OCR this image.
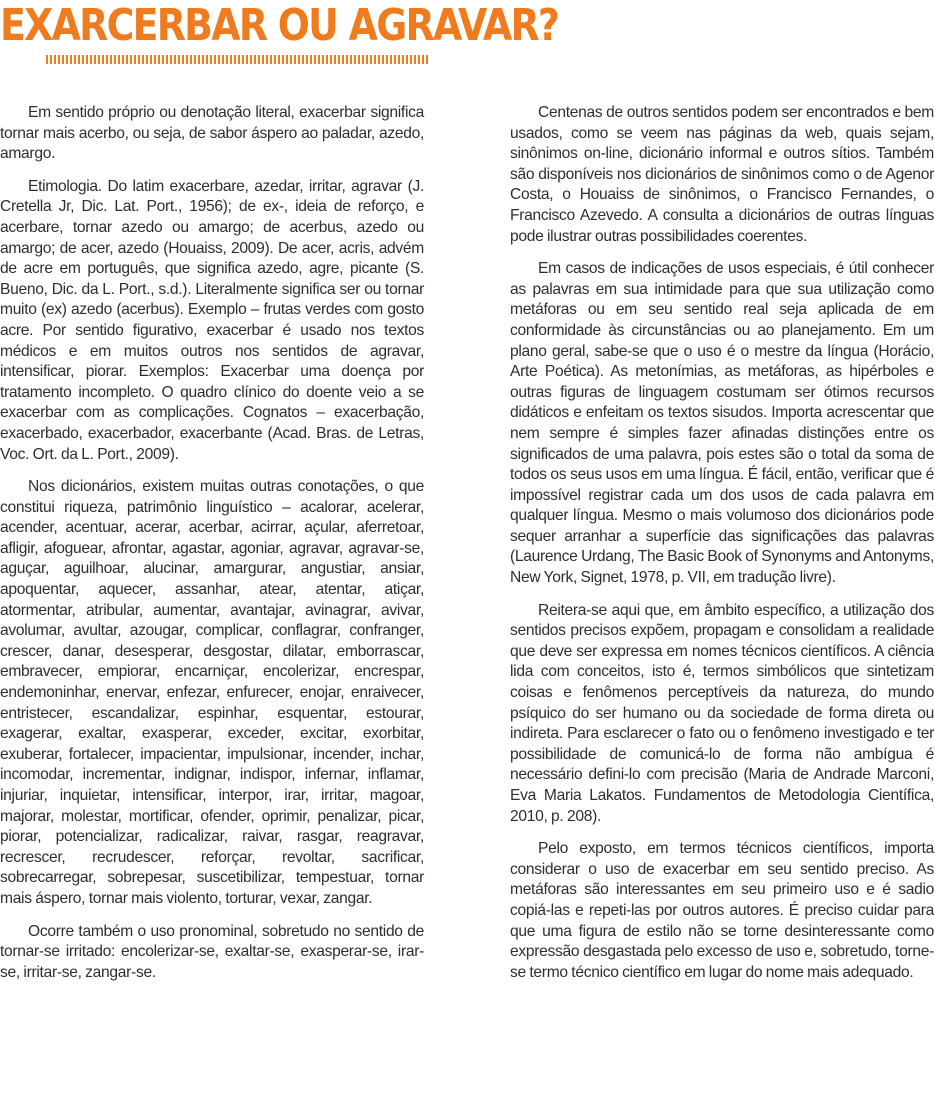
EXARCERBAR OU AGRAVAR?

Em sentido próprio ou denotação literal, exacerbar significa tornar mais acerbo, ou seja, de sabor áspero ao paladar, azedo, amargo.

Etimologia. Do latim exacerbare, azedar, irritar, agravar (J. Cretella Jr, Dic. Lat. Port., 1956); de ex-, ideia de reforço, e acerbare, tornar azedo ou amargo; de acerbus, azedo ou amargo; de acer, azedo (Houaiss, 2009). De acer, acris, advém de acre em português, que significa azedo, agre, picante (S. Bueno, Dic. da L. Port., s.d.). Literalmente significa ser ou tornar muito (ex) azedo (acerbus). Exemplo – frutas verdes com gosto acre. Por sentido figurativo, exacerbar é usado nos textos médicos e em muitos outros nos sentidos de agravar, intensificar, piorar. Exemplos: Exacerbar uma doença por tratamento incompleto. O quadro clínico do doente veio a se exacerbar com as complicações. Cognatos – exacerbação, exacerbado, exacerbador, exacerbante (Acad. Bras. de Letras, Voc. Ort. da L. Port., 2009).

Nos dicionários, existem muitas outras conotações, o que constitui riqueza, patrimônio linguístico – acalorar, acelerar, acender, acentuar, acerar, acerbar, acirrar, açular, aferretoar, afligir, afoguear, afrontar, agastar, agoniar, agravar, agravar-se, aguçar, aguilhoar, alucinar, amargurar, angustiar, ansiar, apoquentar, aquecer, assanhar, atear, atentar, atiçar, atormentar, atribular, aumentar, avantajar, avinagrar, avivar, avolumar, avultar, azougar, complicar, conflagrar, confranger, crescer, danar, desesperar, desgostar, dilatar, emborrascar, embravecer, empiorar, encarniçar, encolerizar, encrespar, endemoninhar, enervar, enfezar, enfurecer, enojar, enraivecer, entristecer, escandalizar, espinhar, esquentar, estourar, exagerar, exaltar, exasperar, exceder, excitar, exorbitar, exuberar, fortalecer, impacientar, impulsionar, incender, inchar, incomodar, incrementar, indignar, indispor, infernar, inflamar, injuriar, inquietar, intensificar, interpor, irar, irritar, magoar, majorar, molestar, mortificar, ofender, oprimir, penalizar, picar, piorar, potencializar, radicalizar, raivar, rasgar, reagravar, recrescer, recrudescer, reforçar, revoltar, sacrificar, sobrecarregar, sobrepesar, suscetibilizar, tempestuar, tornar mais áspero, tornar mais violento, torturar, vexar, zangar.

Ocorre também o uso pronominal, sobretudo no sentido de tornar-se irritado: encolerizar-se, exaltar-se, exasperar-se, irar-se, irritar-se, zangar-se.

Centenas de outros sentidos podem ser encontrados e bem usados, como se veem nas páginas da web, quais sejam, sinônimos on-line, dicionário informal e outros sítios. Também são disponíveis nos dicionários de sinônimos como o de Agenor Costa, o Houaiss de sinônimos, o Francisco Fernandes, o Francisco Azevedo. A consulta a dicionários de outras línguas pode ilustrar outras possibilidades coerentes.

Em casos de indicações de usos especiais, é útil conhecer as palavras em sua intimidade para que sua utilização como metáforas ou em seu sentido real seja aplicada de em conformidade às circunstâncias ou ao planejamento. Em um plano geral, sabe-se que o uso é o mestre da língua (Horácio, Arte Poética). As metonímias, as metáforas, as hipérboles e outras figuras de linguagem costumam ser ótimos recursos didáticos e enfeitam os textos sisudos. Importa acrescentar que nem sempre é simples fazer afinadas distinções entre os significados de uma palavra, pois estes são o total da soma de todos os seus usos em uma língua. É fácil, então, verificar que é impossível registrar cada um dos usos de cada palavra em qualquer língua. Mesmo o mais volumoso dos dicionários pode sequer arranhar a superfície das significações das palavras (Laurence Urdang, The Basic Book of Synonyms and Antonyms, New York, Signet, 1978, p. VII, em tradução livre).

Reitera-se aqui que, em âmbito específico, a utilização dos sentidos precisos expõem, propagam e consolidam a realidade que deve ser expressa em nomes técnicos científicos. A ciência lida com conceitos, isto é, termos simbólicos que sintetizam coisas e fenômenos perceptíveis da natureza, do mundo psíquico do ser humano ou da sociedade de forma direta ou indireta. Para esclarecer o fato ou o fenômeno investigado e ter possibilidade de comunicá-lo de forma não ambígua é necessário defini-lo com precisão (Maria de Andrade Marconi, Eva Maria Lakatos. Fundamentos de Metodologia Científica, 2010, p. 208).

Pelo exposto, em termos técnicos científicos, importa considerar o uso de exacerbar em seu sentido preciso. As metáforas são interessantes em seu primeiro uso e é sadio copiá-las e repeti-las por outros autores. É preciso cuidar para que uma figura de estilo não se torne desinteressante como expressão desgastada pelo excesso de uso e, sobretudo, torne-se termo técnico científico em lugar do nome mais adequado.
